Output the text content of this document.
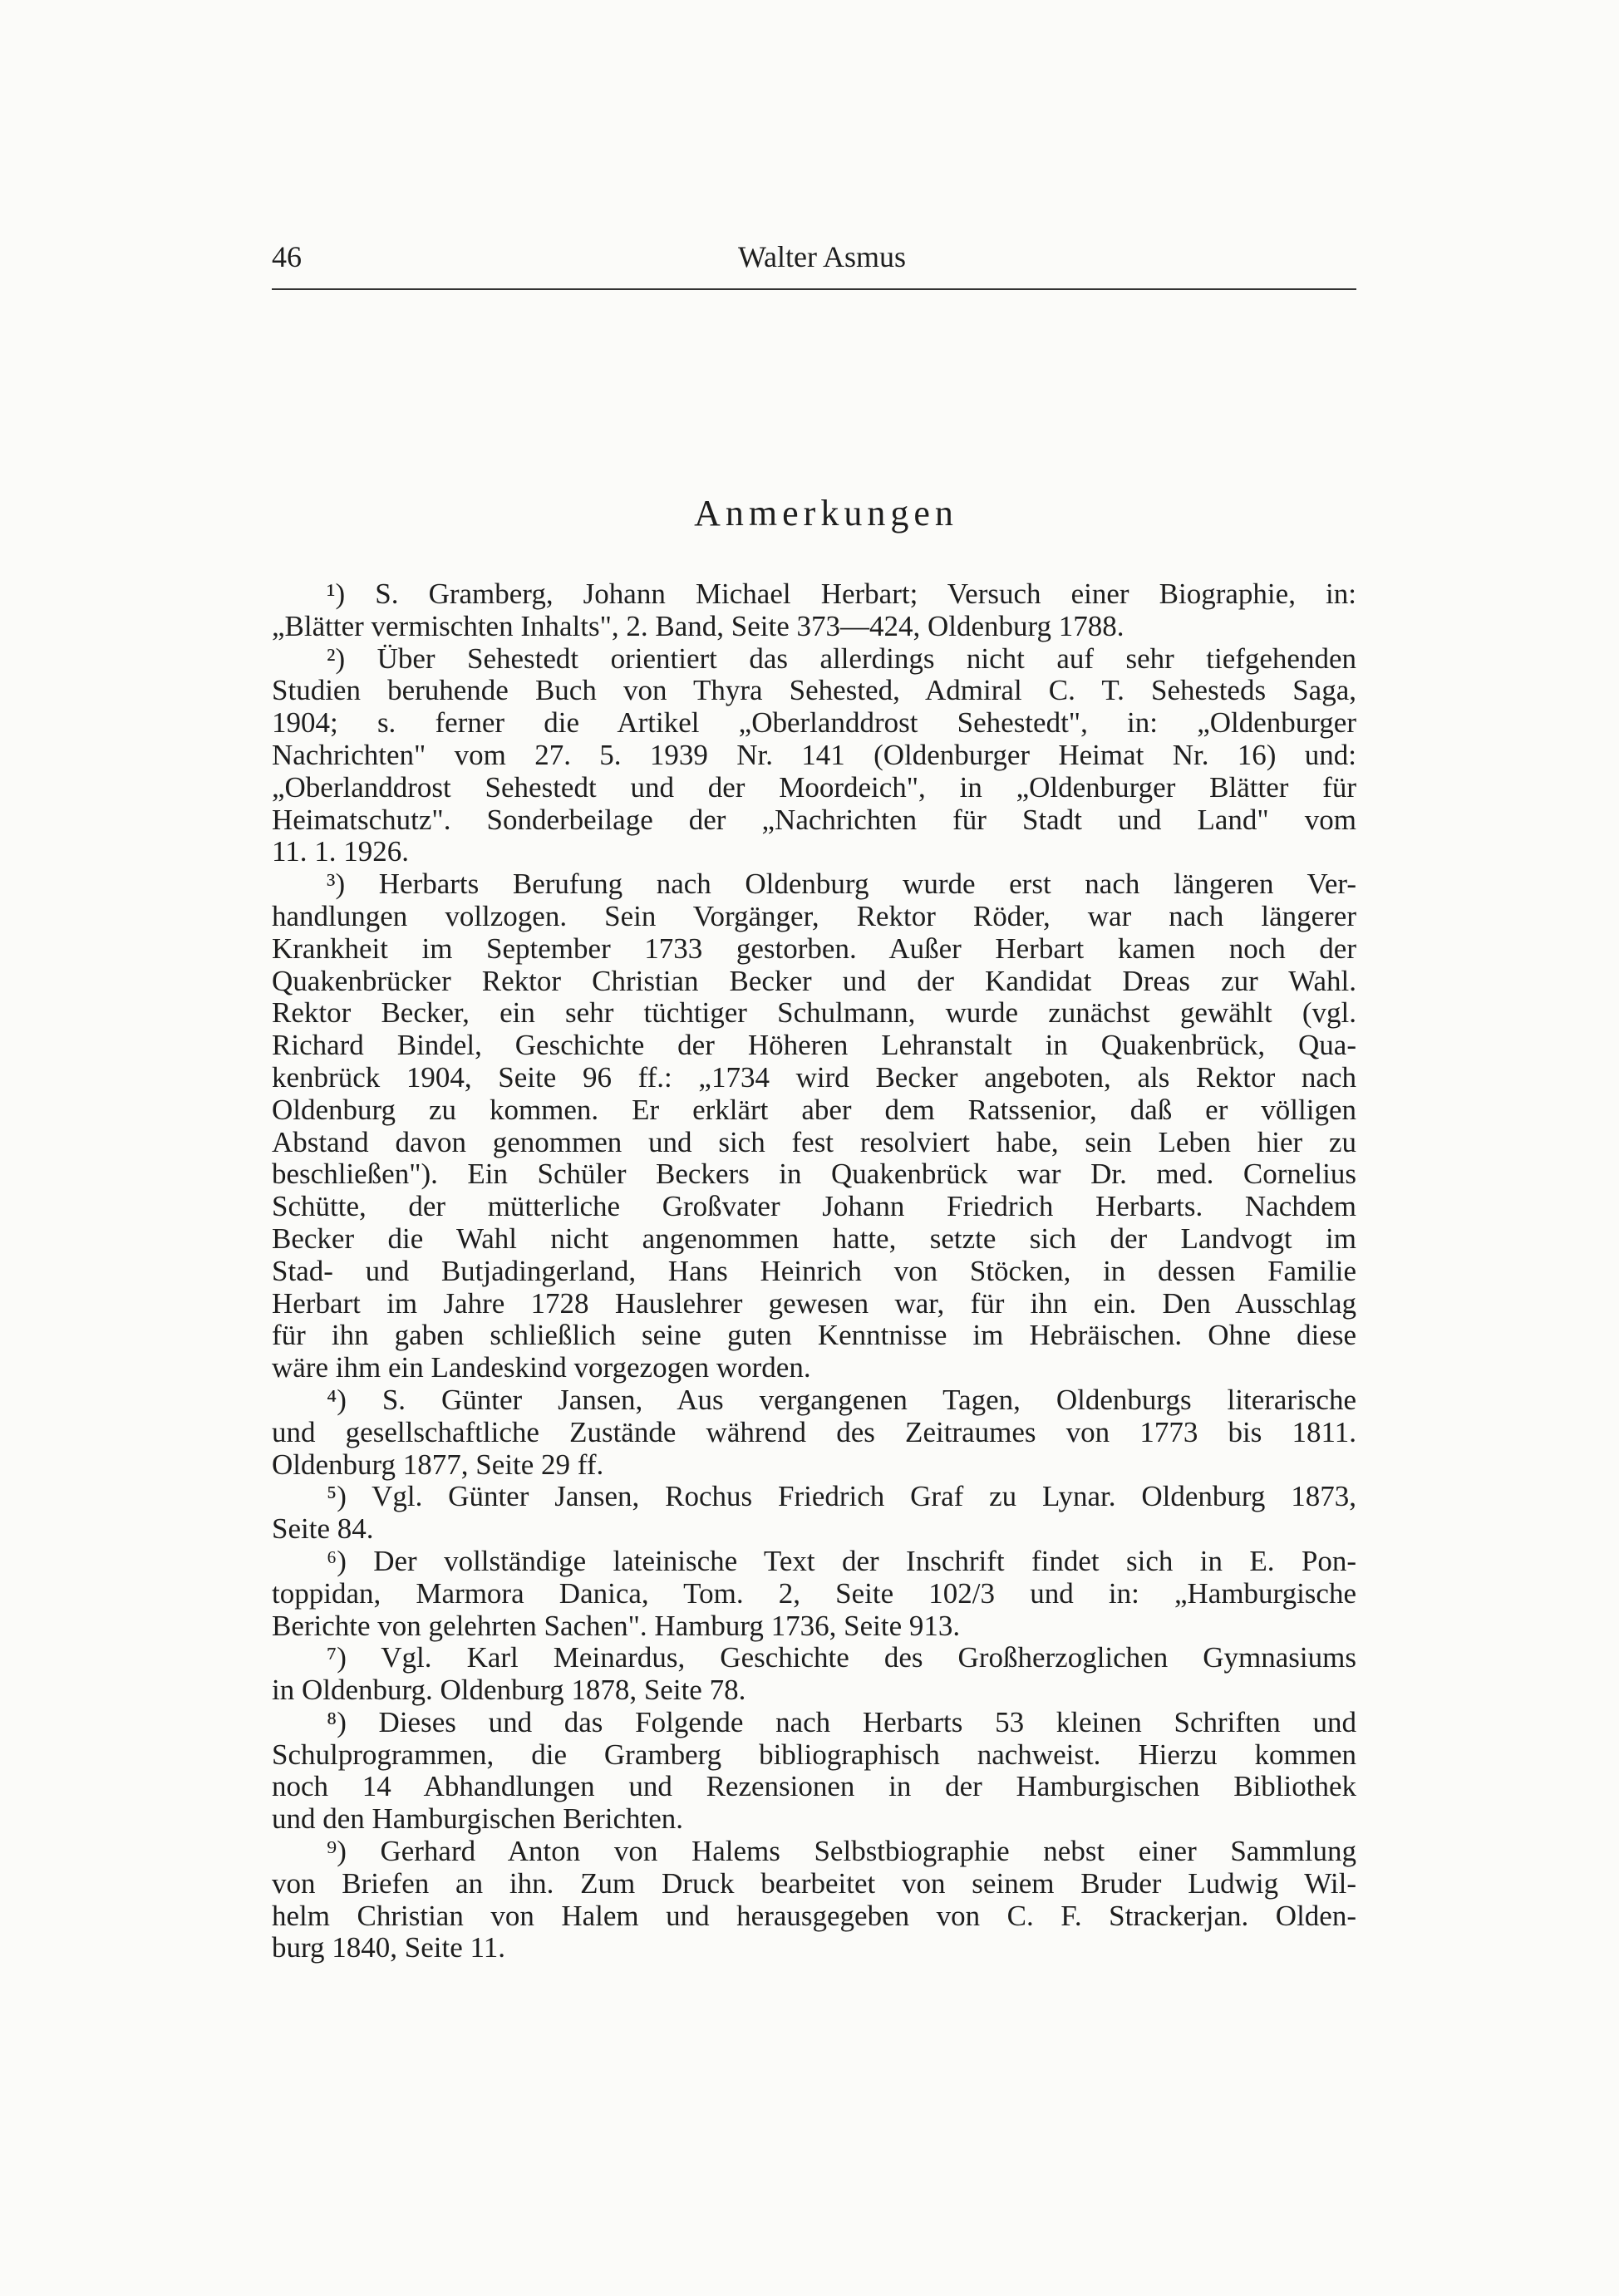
46	Walter Asmus
Anmerkungen
¹) S. Gramberg, Johann Michael Herbart; Versuch einer Biographie, in:
„Blätter vermischten Inhalts", 2. Band, Seite 373—424, Oldenburg 1788.
²) Über Sehestedt orientiert das allerdings nicht auf sehr tiefgehenden
Studien beruhende Buch von Thyra Sehested, Admiral C. T. Sehesteds Saga,
1904; s. ferner die Artikel „Oberlanddrost Sehestedt", in: „Oldenburger
Nachrichten" vom 27. 5. 1939 Nr. 141 (Oldenburger Heimat Nr. 16) und:
„Oberlanddrost Sehestedt und der Moordeich", in „Oldenburger Blätter für
Heimatschutz". Sonderbeilage der „Nachrichten für Stadt und Land" vom
11. 1. 1926.
³) Herbarts Berufung nach Oldenburg wurde erst nach längeren Ver-
handlungen vollzogen. Sein Vorgänger, Rektor Röder, war nach längerer
Krankheit im September 1733 gestorben. Außer Herbart kamen noch der
Quakenbrücker Rektor Christian Becker und der Kandidat Dreas zur Wahl.
Rektor Becker, ein sehr tüchtiger Schulmann, wurde zunächst gewählt (vgl.
Richard Bindel, Geschichte der Höheren Lehranstalt in Quakenbrück, Qua-
kenbrück 1904, Seite 96 ff.: „1734 wird Becker angeboten, als Rektor nach
Oldenburg zu kommen. Er erklärt aber dem Ratssenior, daß er völligen
Abstand davon genommen und sich fest resolviert habe, sein Leben hier zu
beschließen"). Ein Schüler Beckers in Quakenbrück war Dr. med. Cornelius
Schütte, der mütterliche Großvater Johann Friedrich Herbarts. Nachdem
Becker die Wahl nicht angenommen hatte, setzte sich der Landvogt im
Stad- und Butjadingerland, Hans Heinrich von Stöcken, in dessen Familie
Herbart im Jahre 1728 Hauslehrer gewesen war, für ihn ein. Den Ausschlag
für ihn gaben schließlich seine guten Kenntnisse im Hebräischen. Ohne diese
wäre ihm ein Landeskind vorgezogen worden.
⁴) S. Günter Jansen, Aus vergangenen Tagen, Oldenburgs literarische
und gesellschaftliche Zustände während des Zeitraumes von 1773 bis 1811.
Oldenburg 1877, Seite 29 ff.
⁵) Vgl. Günter Jansen, Rochus Friedrich Graf zu Lynar. Oldenburg 1873,
Seite 84.
⁶) Der vollständige lateinische Text der Inschrift findet sich in E. Pon-
toppidan, Marmora Danica, Tom. 2, Seite 102/3 und in: „Hamburgische
Berichte von gelehrten Sachen". Hamburg 1736, Seite 913.
⁷) Vgl. Karl Meinardus, Geschichte des Großherzoglichen Gymnasiums
in Oldenburg. Oldenburg 1878, Seite 78.
⁸) Dieses und das Folgende nach Herbarts 53 kleinen Schriften und
Schulprogrammen, die Gramberg bibliographisch nachweist. Hierzu kommen
noch 14 Abhandlungen und Rezensionen in der Hamburgischen Bibliothek
und den Hamburgischen Berichten.
⁹) Gerhard Anton von Halems Selbstbiographie nebst einer Sammlung
von Briefen an ihn. Zum Druck bearbeitet von seinem Bruder Ludwig Wil-
helm Christian von Halem und herausgegeben von C. F. Strackerjan. Olden-
burg 1840, Seite 11.
